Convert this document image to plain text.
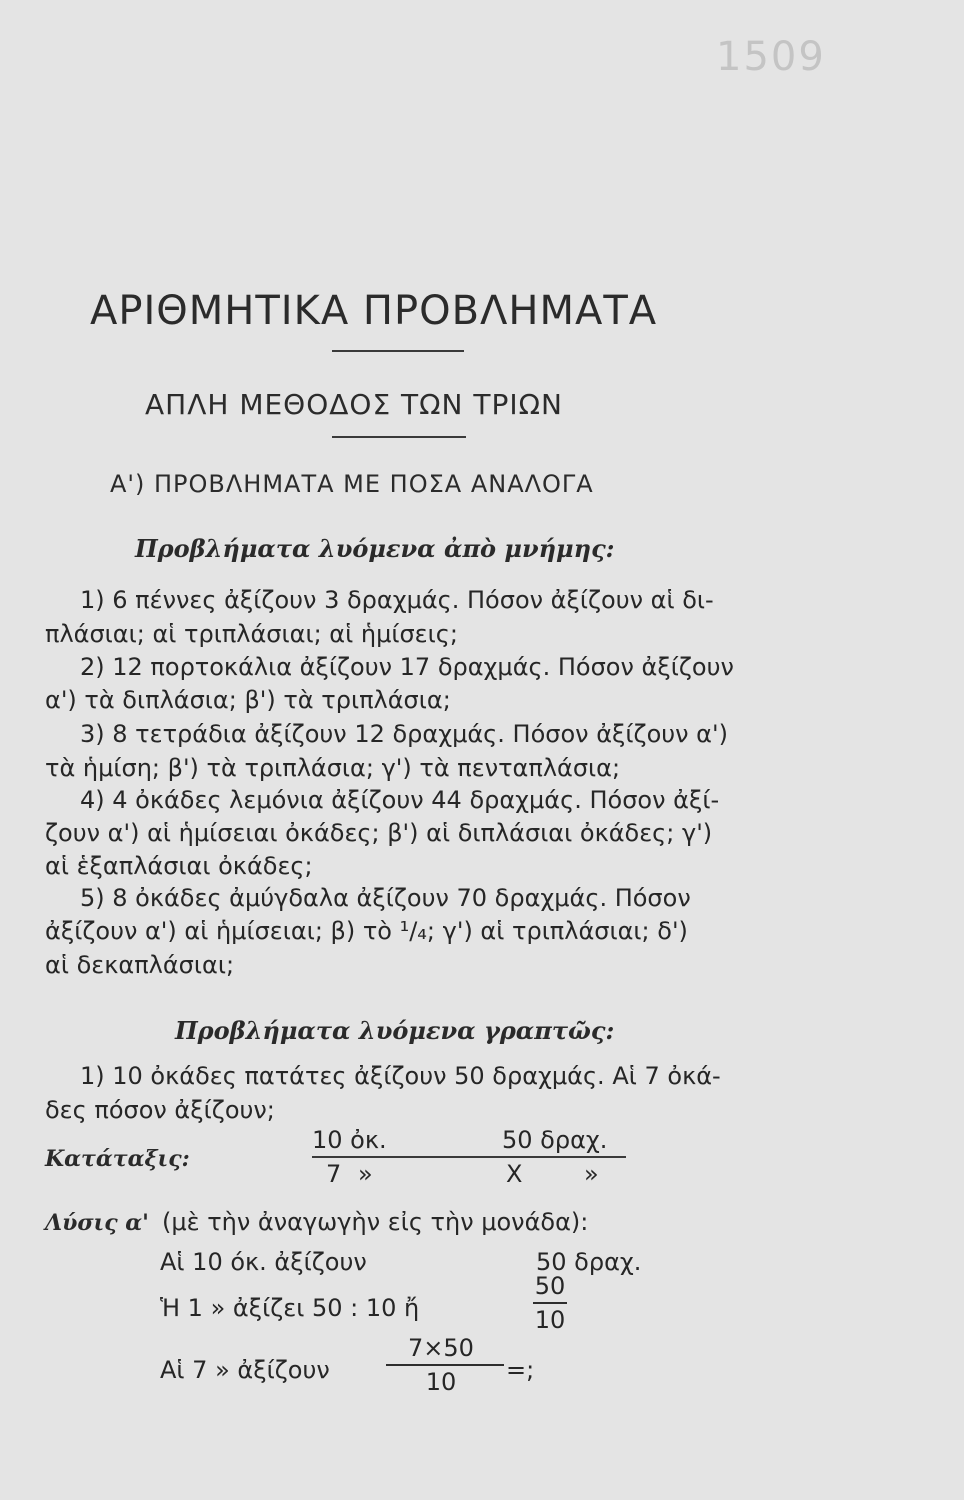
1509
ΑΡΙΘΜΗΤΙΚΑ ΠΡΟΒΛΗΜΑΤΑ
ΑΠΛΗ ΜΕΘΟΔΟΣ ΤΩΝ ΤΡΙΩΝ
Α') ΠΡΟΒΛΗΜΑΤΑ ΜΕ ΠΟΣΑ ΑΝΑΛΟΓΑ
Προβλήματα λυόμενα ἀπὸ μνήμης:
1) 6 πέννες ἀξίζουν 3 δραχμάς. Πόσον ἀξίζουν αἱ δι-
πλάσιαι; αἱ τριπλάσιαι; αἱ ἡμίσεις;
2) 12 πορτοκάλια ἀξίζουν 17 δραχμάς. Πόσον ἀξίζουν
α') τὰ διπλάσια; β') τὰ τριπλάσια;
3) 8 τετράδια ἀξίζουν 12 δραχμάς. Πόσον ἀξίζουν α')
τὰ ἡμίση; β') τὰ τριπλάσια; γ') τὰ πενταπλάσια;
4) 4 ὀκάδες λεμόνια ἀξίζουν 44 δραχμάς. Πόσον ἀξί-
ζουν α') αἱ ἡμίσειαι ὀκάδες; β') αἱ διπλάσιαι ὀκάδες; γ')
αἱ ἑξαπλάσιαι ὀκάδες;
5) 8 ὀκάδες ἀμύγδαλα ἀξίζουν 70 δραχμάς. Πόσον
ἀξίζουν α') αἱ ἡμίσειαι; β) τὸ ¹/₄; γ') αἱ τριπλάσιαι; δ')
αἱ δεκαπλάσιαι;
Προβλήματα λυόμενα γραπτῶς:
1) 10 ὀκάδες πατάτες ἀξίζουν 50 δραχμάς. Αἱ 7 ὀκά-
δες πόσον ἀξίζουν;
Κατάταξις:
10 ὀκ.	50 δραχ.
7 »	X	»
Λύσις α' (μὲ τὴν ἀναγωγὴν εἰς τὴν μονάδα):
Αἱ 10 όκ. ἀξίζουν	50 δραχ.
Ἡ 1 » ἀξίζει 50 : 10 ἤ
50
10
Αἱ 7 » ἀξίζουν
7×50
10	=;
